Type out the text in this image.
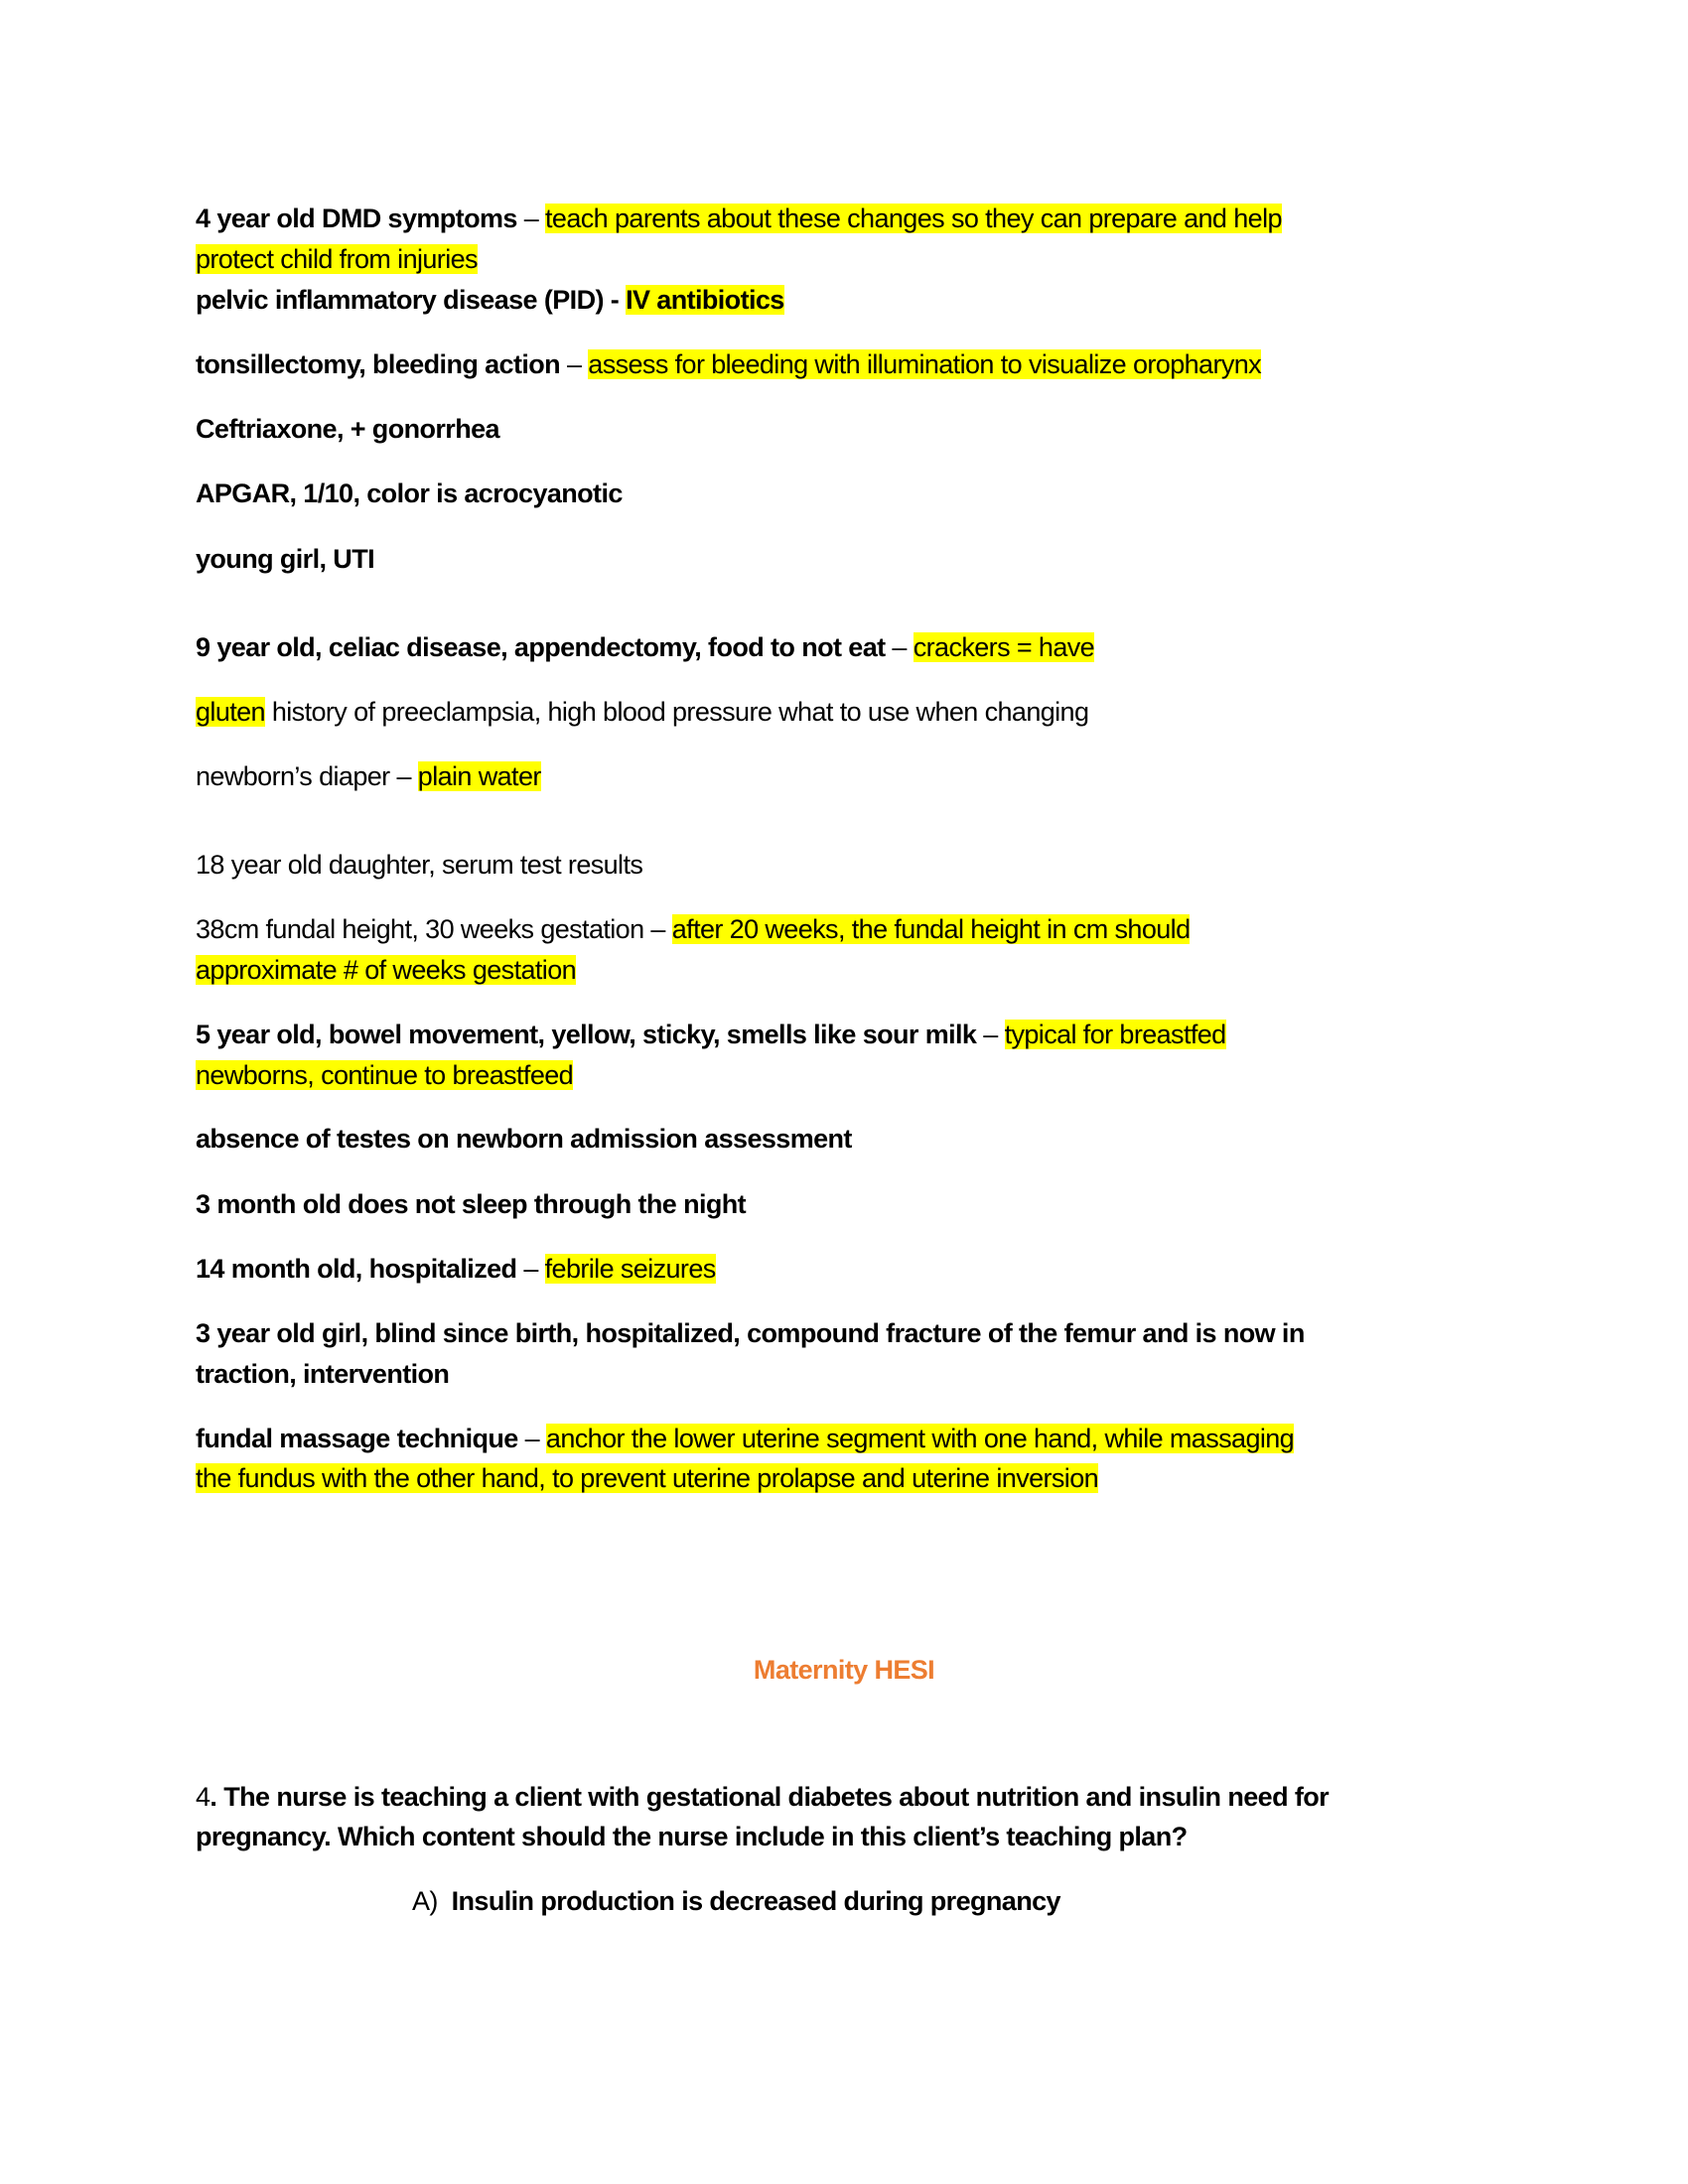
4 year old DMD symptoms – teach parents about these changes so they can prepare and help
protect child from injuries
pelvic inflammatory disease (PID) - IV antibiotics
tonsillectomy, bleeding action – assess for bleeding with illumination to visualize oropharynx
Ceftriaxone, + gonorrhea
APGAR, 1/10, color is acrocyanotic
young girl, UTI
9 year old, celiac disease, appendectomy, food to not eat – crackers = have
gluten history of preeclampsia, high blood pressure what to use when changing
newborn’s diaper – plain water
18 year old daughter, serum test results
38cm fundal height, 30 weeks gestation – after 20 weeks, the fundal height in cm should
approximate # of weeks gestation
5 year old, bowel movement, yellow, sticky, smells like sour milk – typical for breastfed
newborns, continue to breastfeed
absence of testes on newborn admission assessment
3 month old does not sleep through the night
14 month old, hospitalized – febrile seizures
3 year old girl, blind since birth, hospitalized, compound fracture of the femur and is now in
traction, intervention
fundal massage technique – anchor the lower uterine segment with one hand, while massaging
the fundus with the other hand, to prevent uterine prolapse and uterine inversion
Maternity HESI
4. The nurse is teaching a client with gestational diabetes about nutrition and insulin need for
pregnancy. Which content should the nurse include in this client’s teaching plan?
A) Insulin production is decreased during pregnancy
